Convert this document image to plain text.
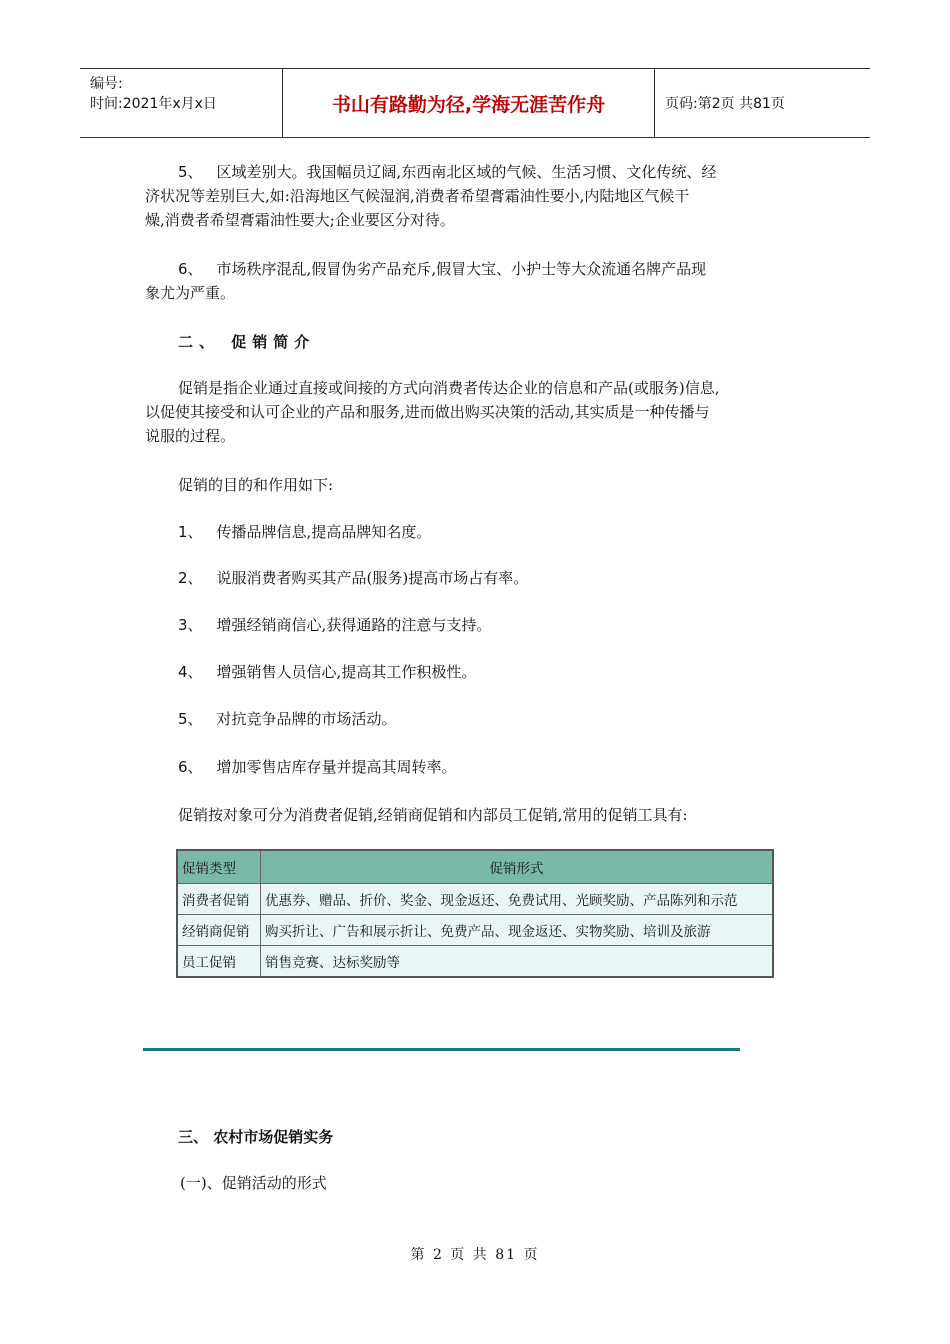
编号:
时间:2021年x月x日	书山有路勤为径,学海无涯苦作舟	页码:第2页 共81页
5、 区域差别大。我国幅员辽阔,东西南北区域的气候、生活习惯、文化传统、经
济状况等差别巨大,如:沿海地区气候湿润,消费者希望膏霜油性要小,内陆地区气候干
燥,消费者希望膏霜油性要大;企业要区分对待。
6、 市场秩序混乱,假冒伪劣产品充斥,假冒大宝、小护士等大众流通名牌产品现
象尤为严重。
二、 促销简介
促销是指企业通过直接或间接的方式向消费者传达企业的信息和产品(或服务)信息,
以促使其接受和认可企业的产品和服务,进而做出购买决策的活动,其实质是一种传播与
说服的过程。
促销的目的和作用如下:
1、 传播品牌信息,提高品牌知名度。
2、 说服消费者购买其产品(服务)提高市场占有率。
3、 增强经销商信心,获得通路的注意与支持。
4、 增强销售人员信心,提高其工作积极性。
5、 对抗竞争品牌的市场活动。
6、 增加零售店库存量并提高其周转率。
促销按对象可分为消费者促销,经销商促销和内部员工促销,常用的促销工具有:
促销类型	促销形式
消费者促销	优惠券、赠品、折价、奖金、现金返还、免费试用、光顾奖励、产品陈列和示范
经销商促销	购买折让、广告和展示折让、免费产品、现金返还、实物奖励、培训及旅游
员工促销	销售竞赛、达标奖励等
三、 农村市场促销实务
(一)、促销活动的形式
第 2 页 共 81 页
